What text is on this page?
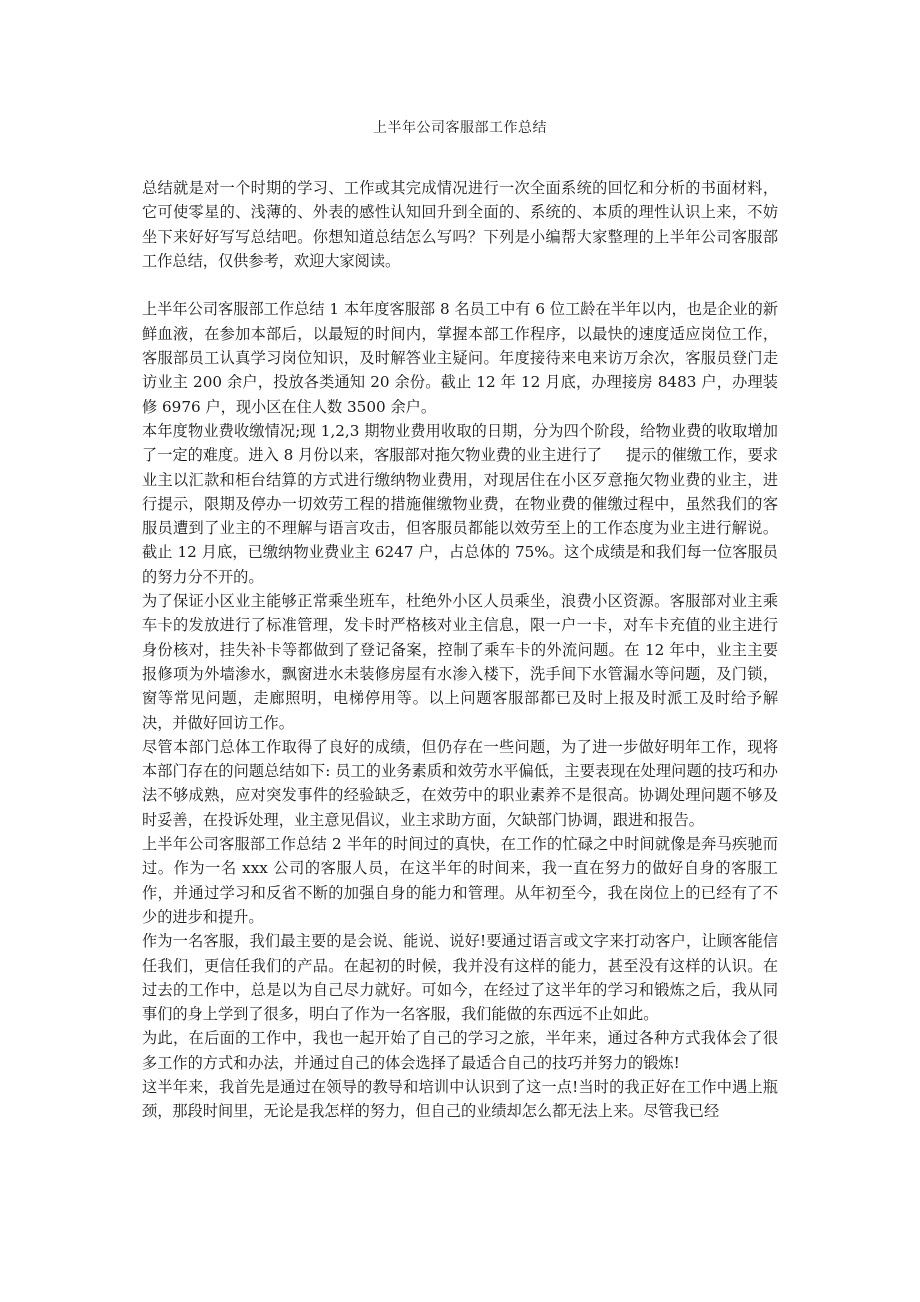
上半年公司客服部工作总结

总结就是对一个时期的学习、工作或其完成情况进行一次全面系统的回忆和分析的书面材料，它可使零星的、浅薄的、外表的感性认知回升到全面的、系统的、本质的理性认识上来，不妨坐下来好好写写总结吧。你想知道总结怎么写吗？下列是小编帮大家整理的上半年公司客服部工作总结，仅供参考，欢迎大家阅读。

上半年公司客服部工作总结 1 本年度客服部 8 名员工中有 6 位工龄在半年以内，也是企业的新鲜血液，在参加本部后，以最短的时间内，掌握本部工作程序，以最快的速度适应岗位工作，客服部员工认真学习岗位知识，及时解答业主疑问。年度接待来电来访万余次，客服员登门走访业主 200 余户，投放各类通知 20 余份。截止 12 年 12 月底，办理接房 8483 户，办理装修 6976 户，现小区在住人数 3500 余户。

本年度物业费收缴情况;现 1,2,3 期物业费用收取的日期，分为四个阶段，给物业费的收取增加了一定的难度。进入 8 月份以来，客服部对拖欠物业费的业主进行了 提示的催缴工作，要求业主以汇款和柜台结算的方式进行缴纳物业费用，对现居住在小区歹意拖欠物业费的业主，进行提示，限期及停办一切效劳工程的措施催缴物业费，在物业费的催缴过程中，虽然我们的客服员遭到了业主的不理解与语言攻击，但客服员都能以效劳至上的工作态度为业主进行解说。截止 12 月底，已缴纳物业费业主 6247 户，占总体的 75%。这个成绩是和我们每一位客服员的努力分不开的。

为了保证小区业主能够正常乘坐班车，杜绝外小区人员乘坐，浪费小区资源。客服部对业主乘车卡的发放进行了标准管理，发卡时严格核对业主信息，限一户一卡，对车卡充值的业主进行身份核对，挂失补卡等都做到了登记备案，控制了乘车卡的外流问题。在 12 年中，业主主要报修项为外墙渗水，飘窗进水未装修房屋有水渗入楼下，洗手间下水管漏水等问题，及门锁，窗等常见问题，走廊照明，电梯停用等。以上问题客服部都已及时上报及时派工及时给予解决，并做好回访工作。

尽管本部门总体工作取得了良好的成绩，但仍存在一些问题，为了进一步做好明年工作，现将本部门存在的问题总结如下: 员工的业务素质和效劳水平偏低，主要表现在处理问题的技巧和办法不够成熟，应对突发事件的经验缺乏，在效劳中的职业素养不是很高。协调处理问题不够及时妥善，在投诉处理，业主意见倡议，业主求助方面，欠缺部门协调，跟进和报告。

上半年公司客服部工作总结 2 半年的时间过的真快，在工作的忙碌之中时间就像是奔马疾驰而过。作为一名 xxx 公司的客服人员，在这半年的时间来，我一直在努力的做好自身的客服工作，并通过学习和反省不断的加强自身的能力和管理。从年初至今，我在岗位上的已经有了不少的进步和提升。

作为一名客服，我们最主要的是会说、能说、说好!要通过语言或文字来打动客户，让顾客能信任我们，更信任我们的产品。在起初的时候，我并没有这样的能力，甚至没有这样的认识。在过去的工作中，总是以为自己尽力就好。可如今，在经过了这半年的学习和锻炼之后，我从同事们的身上学到了很多，明白了作为一名客服，我们能做的东西远不止如此。

为此，在后面的工作中，我也一起开始了自己的学习之旅，半年来，通过各种方式我体会了很多工作的方式和办法，并通过自己的体会选择了最适合自己的技巧并努力的锻炼!

这半年来，我首先是通过在领导的教导和培训中认识到了这一点!当时的我正好在工作中遇上瓶颈，那段时间里，无论是我怎样的努力，但自己的业绩却怎么都无法上来。尽管我已经
